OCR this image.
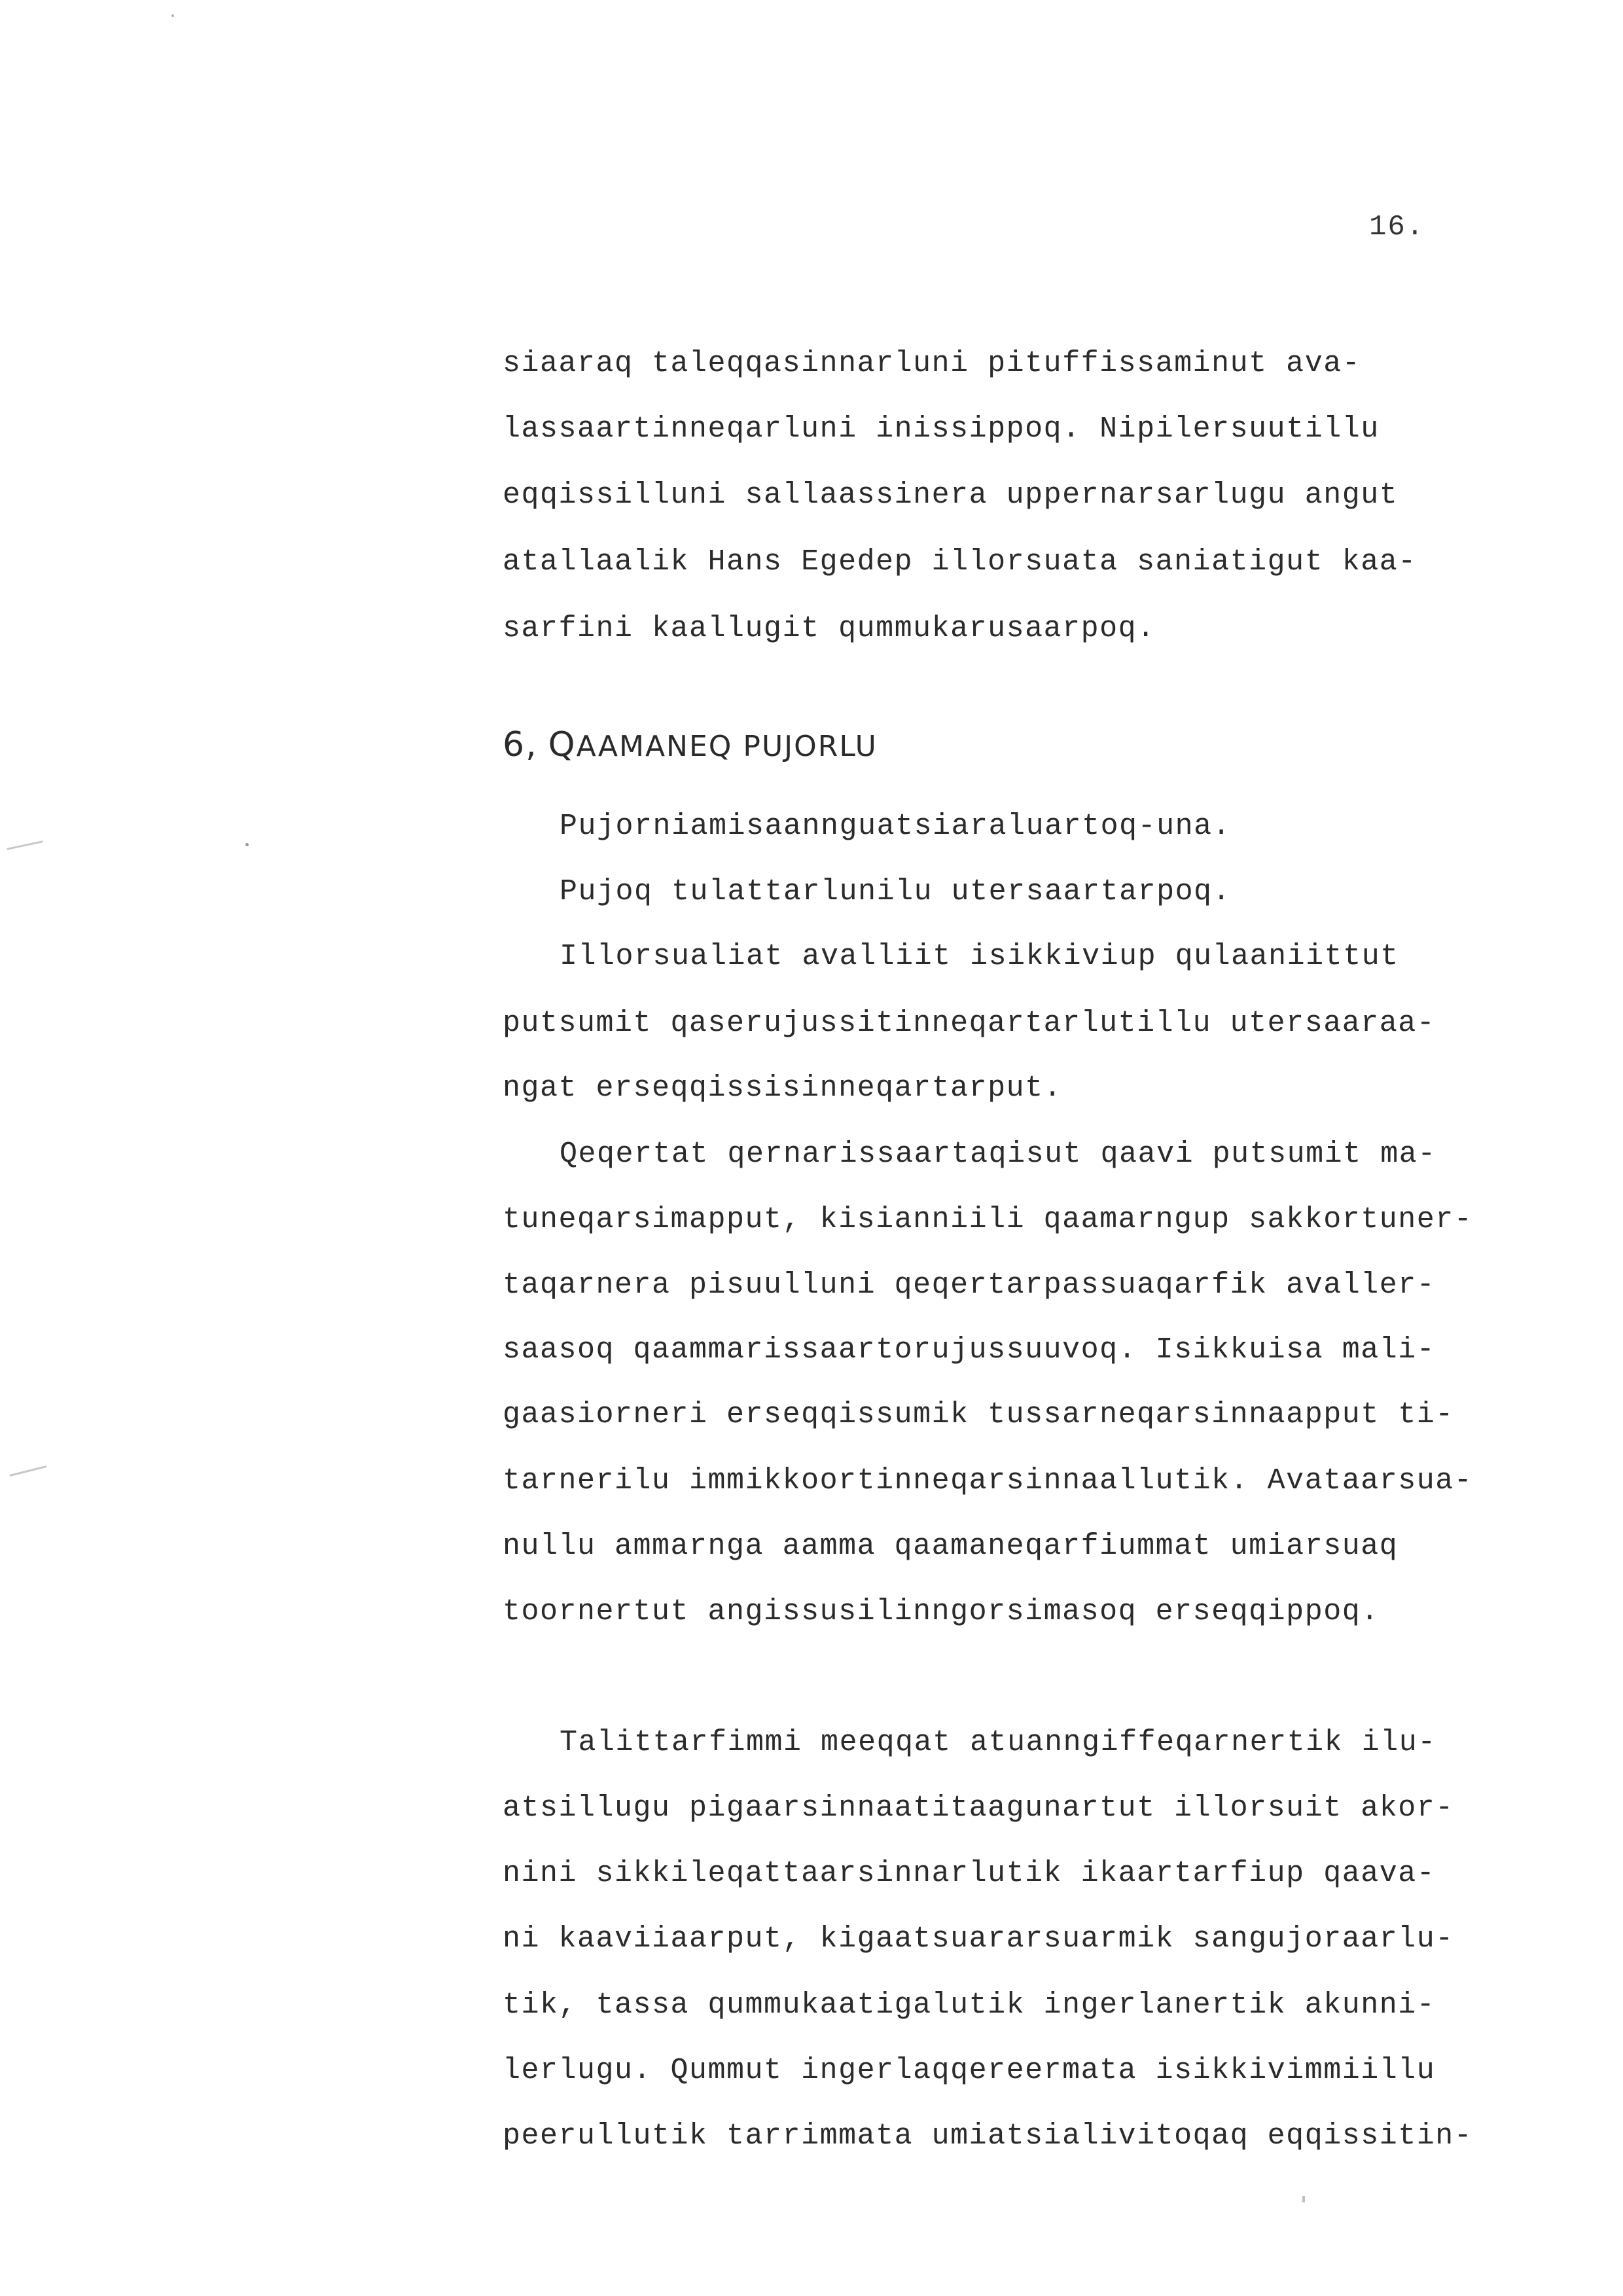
16.
siaaraq taleqqasinnarluni pituffissaminut ava-
lassaartinneqarluni inissippoq. Nipilersuutillu
eqqissilluni sallaassinera uppernarsarlugu angut
atallaalik Hans Egedep illorsuata saniatigut kaa-
sarfini kaallugit qummukarusaarpoq.
6, QAAMANEQ PUJORLU
Pujorniamisaannguatsiaraluartoq-una.
Pujoq tulattarlunilu utersaartarpoq.
Illorsualiat avalliit isikkiviup qulaaniittut
putsumit qaserujussitinneqartarlutillu utersaaraa-
ngat erseqqissisinneqartarput.
Qeqertat qernarissaartaqisut qaavi putsumit ma-
tuneqarsimapput, kisianniili qaamarngup sakkortuner-
taqarnera pisuulluni qeqertarpassuaqarfik avaller-
saasoq qaammarissaartorujussuuvoq. Isikkuisa mali-
gaasiorneri erseqqissumik tussarneqarsinnaapput ti-
tarnerilu immikkoortinneqarsinnaallutik. Avataarsua-
nullu ammarnga aamma qaamaneqarfiummat umiarsuaq
toornertut angissusilinngorsimasoq erseqqippoq.
Talittarfimmi meeqqat atuanngiffeqarnertik ilu-
atsillugu pigaarsinnaatitaagunartut illorsuit akor-
nini sikkileqattaarsinnarlutik ikaartarfiup qaava-
ni kaaviiaarput, kigaatsuararsuarmik sangujoraarlu-
tik, tassa qummukaatigalutik ingerlanertik akunni-
lerlugu. Qummut ingerlaqqereermata isikkivimmiillu
peerullutik tarrimmata umiatsialivitoqaq eqqissitin-
